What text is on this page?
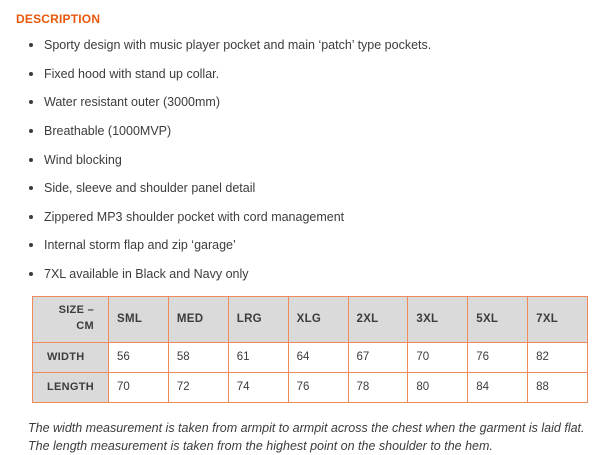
DESCRIPTION
Sporty design with music player pocket and main ‘patch’ type pockets.
Fixed hood with stand up collar.
Water resistant outer (3000mm)
Breathable (1000MVP)
Wind blocking
Side, sleeve and shoulder panel detail
Zippered MP3 shoulder pocket with cord management
Internal storm flap and zip ‘garage’
7XL available in Black and Navy only
SIZE – CM	SML	MED	LRG	XLG	2XL	3XL	5XL	7XL
WIDTH	56	58	61	64	67	70	76	82
LENGTH	70	72	74	76	78	80	84	88
The width measurement is taken from armpit to armpit across the chest when the garment is laid flat. The length measurement is taken from the highest point on the shoulder to the hem.
